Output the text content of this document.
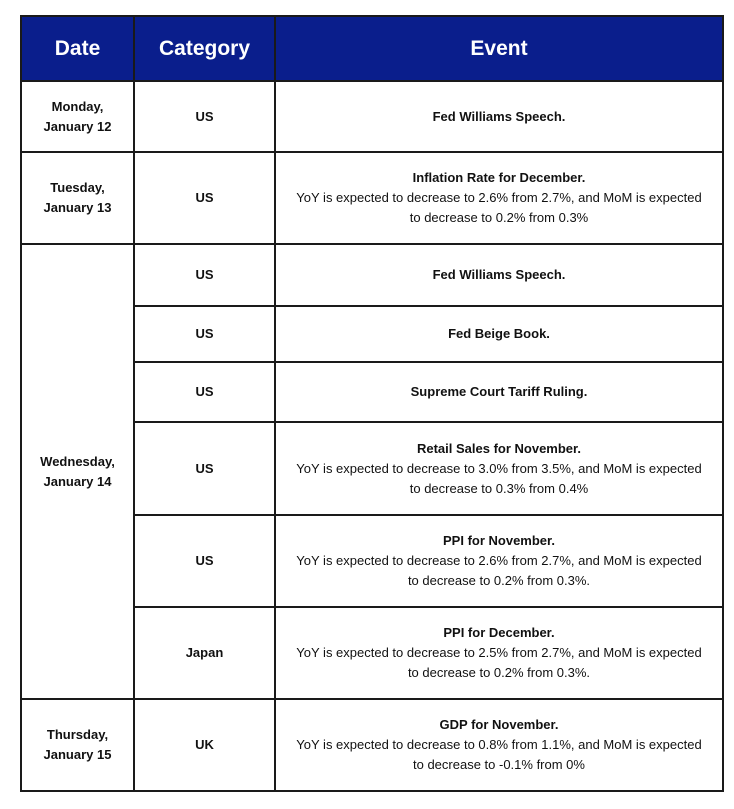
Date	Category	Event
Monday,
January 12	US	Fed Williams Speech.

Tuesday,
January 13	US	Inflation Rate for December.
YoY is expected to decrease to 2.6% from 2.7%, and MoM is expected to decrease to 0.2% from 0.3%

Wednesday,
January 14	US	Fed Williams Speech.

	US	Fed Beige Book.

	US	Supreme Court Tariff Ruling.

	US	Retail Sales for November.
YoY is expected to decrease to 3.0% from 3.5%, and MoM is expected to decrease to 0.3% from 0.4%

	US	PPI for November.
YoY is expected to decrease to 2.6% from 2.7%, and MoM is expected to decrease to 0.2% from 0.3%.

	Japan	PPI for December.
YoY is expected to decrease to 2.5% from 2.7%, and MoM is expected to decrease to 0.2% from 0.3%.

Thursday,
January 15	UK	GDP for November.
YoY is expected to decrease to 0.8% from 1.1%, and MoM is expected to decrease to -0.1% from 0%
